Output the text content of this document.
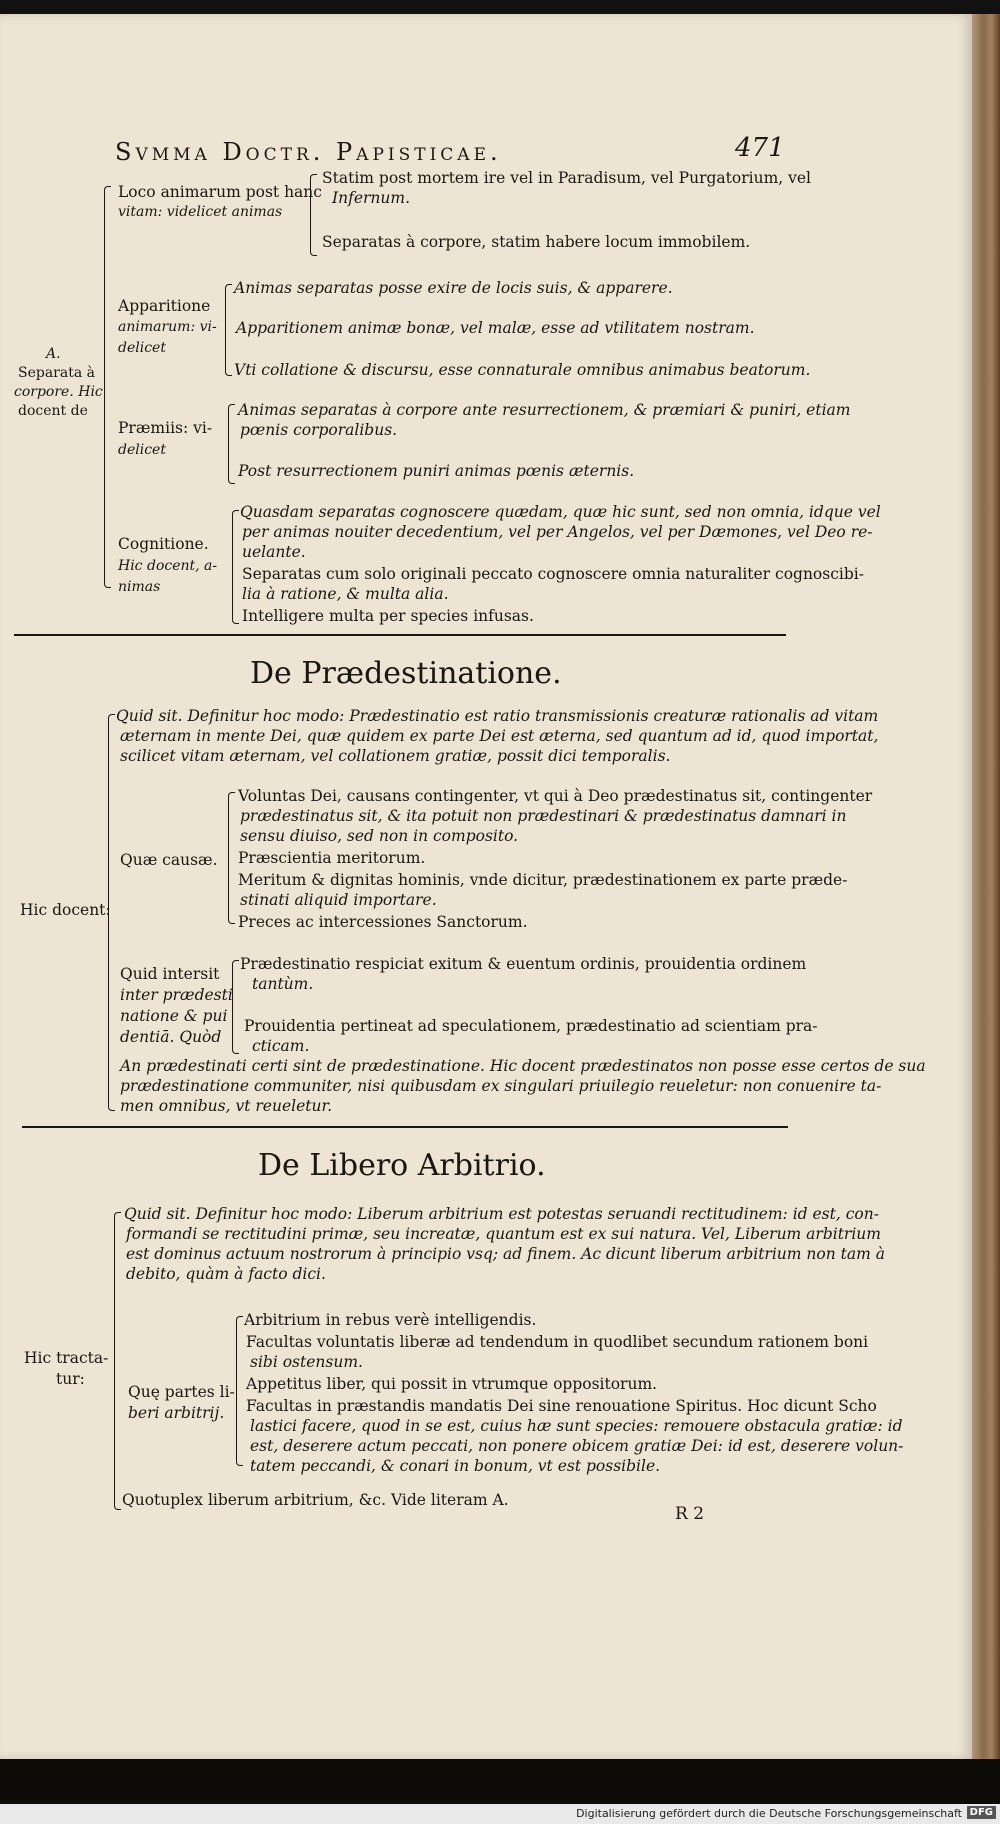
Svmma Doctr. Papisticae.	471
A.
Separata à
corpore. Hic
docent de
Loco animarum post hanc
vitam: videlicet animas
Statim post mortem ire vel in Paradisum, vel Purgatorium, vel
Infernum.
Separatas à corpore, statim habere locum immobilem.
Apparitione
animarum: vi-
delicet
Animas separatas posse exire de locis suis, & apparere.
Apparitionem animæ bonæ, vel malæ, esse ad vtilitatem nostram.
Vti collatione & discursu, esse connaturale omnibus animabus beatorum.
Præmiis: vi-
delicet
Animas separatas à corpore ante resurrectionem, & præmiari & puniri, etiam
pœnis corporalibus.
Post resurrectionem puniri animas pœnis æternis.
Cognitione.
Hic docent, a-
nimas
Quasdam separatas cognoscere quædam, quæ hic sunt, sed non omnia, idque vel
per animas nouiter decedentium, vel per Angelos, vel per Dæmones, vel Deo re-
uelante.
Separatas cum solo originali peccato cognoscere omnia naturaliter cognoscibi-
lia à ratione, & multa alia.
Intelligere multa per species infusas.
De Prædestinatione.
Hic docent:
Quid sit. Definitur hoc modo: Prædestinatio est ratio transmissionis creaturæ rationalis ad vitam
æternam in mente Dei, quæ quidem ex parte Dei est æterna, sed quantum ad id, quod importat,
scilicet vitam æternam, vel collationem gratiæ, possit dici temporalis.
Quæ causæ.
Voluntas Dei, causans contingenter, vt qui à Deo prædestinatus sit, contingenter
prædestinatus sit, & ita potuit non prædestinari & prædestinatus damnari in
sensu diuiso, sed non in composito.
Præscientia meritorum.
Meritum & dignitas hominis, vnde dicitur, prædestinationem ex parte præde-
stinati aliquid importare.
Preces ac intercessiones Sanctorum.
Quid intersit
inter prædesti
natione & pui
dentiā. Quòd
Prædestinatio respiciat exitum & euentum ordinis, prouidentia ordinem
tantùm.
Prouidentia pertineat ad speculationem, prædestinatio ad scientiam pra-
cticam.
An prædestinati certi sint de prædestinatione. Hic docent prædestinatos non posse esse certos de sua
prædestinatione communiter, nisi quibusdam ex singulari priuilegio reueletur: non conuenire ta-
men omnibus, vt reueletur.
De Libero Arbitrio.
Hic tracta-
tur:
Quid sit. Definitur hoc modo: Liberum arbitrium est potestas seruandi rectitudinem: id est, con-
formandi se rectitudini primæ, seu increatæ, quantum est ex sui natura. Vel, Liberum arbitrium
est dominus actuum nostrorum à principio vsq; ad finem. Ac dicunt liberum arbitrium non tam à
debito, quàm à facto dici.
Quę partes li-
beri arbitrij.
Arbitrium in rebus verè intelligendis.
Facultas voluntatis liberæ ad tendendum in quodlibet secundum rationem boni
sibi ostensum.
Appetitus liber, qui possit in vtrumque oppositorum.
Facultas in præstandis mandatis Dei sine renouatione Spiritus. Hoc dicunt Scho
lastici facere, quod in se est, cuius hæ sunt species: remouere obstacula gratiæ: id
est, deserere actum peccati, non ponere obicem gratiæ Dei: id est, deserere volun-
tatem peccandi, & conari in bonum, vt est possibile.
Quotuplex liberum arbitrium, &c. Vide literam A.
R 2
Digitalisierung gefördert durch die Deutsche Forschungsgemeinschaft DFG
